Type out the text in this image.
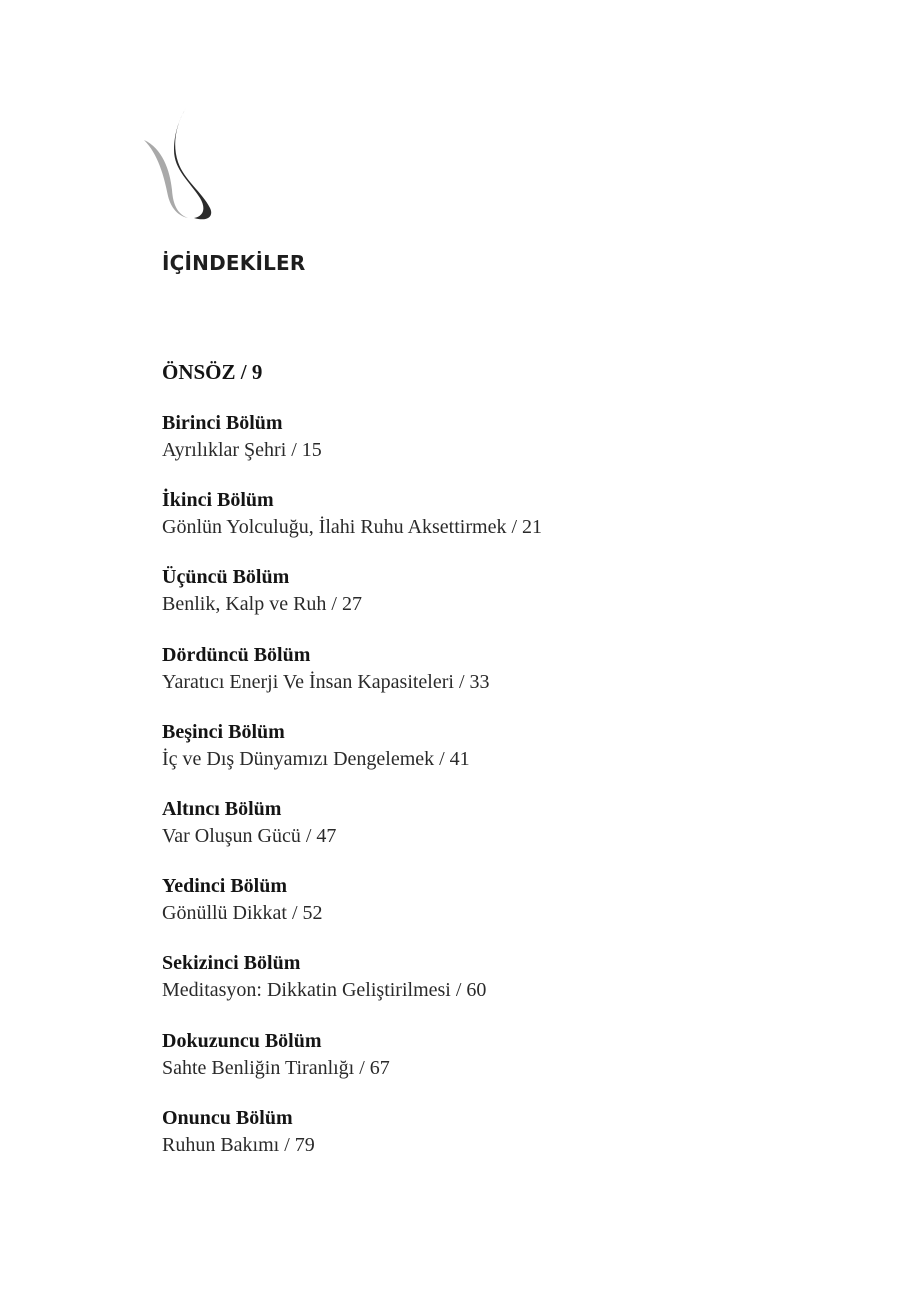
İÇİNDEKİLER
ÖNSÖZ / 9
Birinci Bölüm
Ayrılıklar Şehri / 15
İkinci Bölüm
Gönlün Yolculuğu, İlahi Ruhu Aksettirmek / 21
Üçüncü Bölüm
Benlik, Kalp ve Ruh / 27
Dördüncü Bölüm
Yaratıcı Enerji Ve İnsan Kapasiteleri / 33
Beşinci Bölüm
İç ve Dış Dünyamızı Dengelemek / 41
Altıncı Bölüm
Var Oluşun Gücü / 47
Yedinci Bölüm
Gönüllü Dikkat / 52
Sekizinci Bölüm
Meditasyon: Dikkatin Geliştirilmesi / 60
Dokuzuncu Bölüm
Sahte Benliğin Tiranlığı / 67
Onuncu Bölüm
Ruhun Bakımı / 79
